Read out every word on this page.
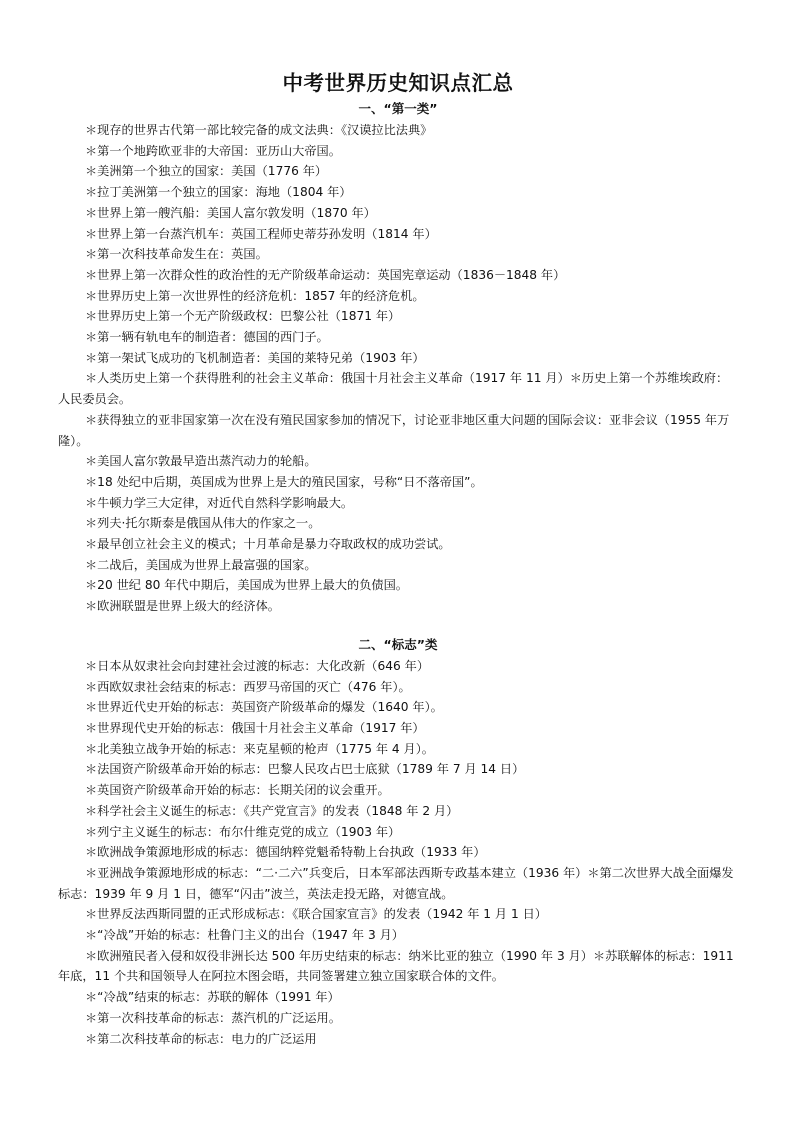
中考世界历史知识点汇总
一、“第一类”

＊现存的世界古代第一部比较完备的成文法典：《汉谟拉比法典》

＊第一个地跨欧亚非的大帝国：亚历山大帝国。

＊美洲第一个独立的国家：美国（1776 年）

＊拉丁美洲第一个独立的国家：海地（1804 年）

＊世界上第一艘汽船：美国人富尔敦发明（1870 年）

＊世界上第一台蒸汽机车：英国工程师史蒂芬孙发明（1814 年）

＊第一次科技革命发生在：英国。

＊世界上第一次群众性的政治性的无产阶级革命运动：英国宪章运动（1836－1848 年）

＊世界历史上第一次世界性的经济危机：1857 年的经济危机。

＊世界历史上第一个无产阶级政权：巴黎公社（1871 年）

＊第一辆有轨电车的制造者：德国的西门子。

＊第一架试飞成功的飞机制造者：美国的莱特兄弟（1903 年）

＊人类历史上第一个获得胜利的社会主义革命：俄国十月社会主义革命（1917 年 11 月）＊历史上第一个苏维埃政府：人民委员会。

＊获得独立的亚非国家第一次在没有殖民国家参加的情况下，讨论亚非地区重大问题的国际会议：亚非会议（1955 年万隆）。

＊美国人富尔敦最早造出蒸汽动力的轮船。

＊18 处纪中后期，英国成为世界上是大的殖民国家，号称“日不落帝国”。

＊牛顿力学三大定律，对近代自然科学影响最大。

＊列夫·托尔斯泰是俄国从伟大的作家之一。

＊最早创立社会主义的模式；十月革命是暴力夺取政权的成功尝试。

＊二战后，美国成为世界上最富强的国家。

＊20 世纪 80 年代中期后，美国成为世界上最大的负债国。

＊欧洲联盟是世界上级大的经济体。

二、“标志”类

＊日本从奴隶社会向封建社会过渡的标志：大化改新（646 年）

＊西欧奴隶社会结束的标志：西罗马帝国的灭亡（476 年）。

＊世界近代史开始的标志：英国资产阶级革命的爆发（1640 年）。

＊世界现代史开始的标志：俄国十月社会主义革命（1917 年）

＊北美独立战争开始的标志：来克星顿的枪声（1775 年 4 月）。

＊法国资产阶级革命开始的标志：巴黎人民攻占巴士底狱（1789 年 7 月 14 日）

＊英国资产阶级革命开始的标志：长期关闭的议会重开。

＊科学社会主义诞生的标志：《共产党宣言》的发表（1848 年 2 月）

＊列宁主义诞生的标志：布尔什维克党的成立（1903 年）

＊欧洲战争策源地形成的标志：德国纳粹党魁希特勒上台执政（1933 年）

＊亚洲战争策源地形成的标志：“二·二六”兵变后，日本军部法西斯专政基本建立（1936 年）＊第二次世界大战全面爆发标志：1939 年 9 月 1 日，德军“闪击”波兰，英法走投无路，对德宣战。

＊世界反法西斯同盟的正式形成标志：《联合国家宣言》的发表（1942 年 1 月 1 日）

＊“冷战”开始的标志：杜鲁门主义的出台（1947 年 3 月）

＊欧洲殖民者入侵和奴役非洲长达 500 年历史结束的标志：纳米比亚的独立（1990 年 3 月）＊苏联解体的标志：1911 年底，11 个共和国领导人在阿拉木图会晤，共同签署建立独立国家联合体的文件。

＊“冷战”结束的标志：苏联的解体（1991 年）

＊第一次科技革命的标志：蒸汽机的广泛运用。

＊第二次科技革命的标志：电力的广泛运用
